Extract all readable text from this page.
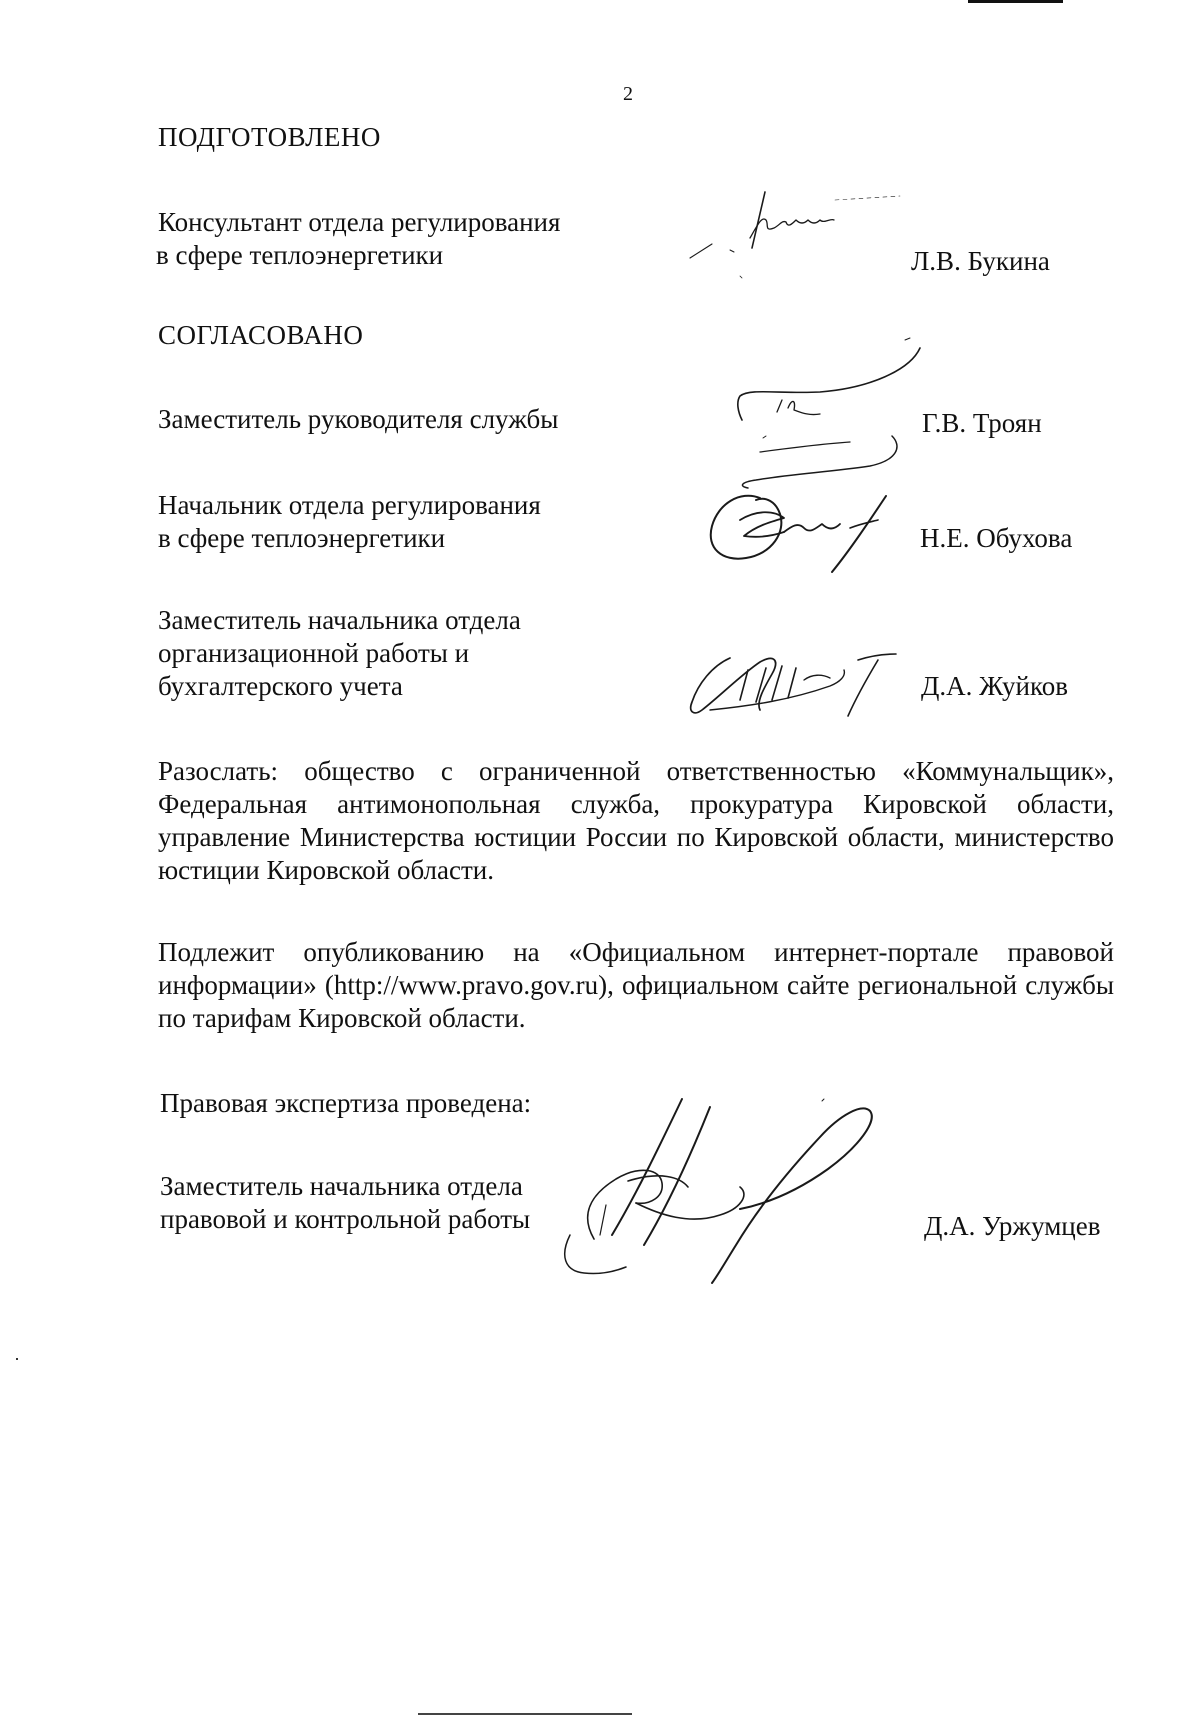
2
ПОДГОТОВЛЕНО
Консультант отдела регулирования
в сфере теплоэнергетики	Л.В. Букина
СОГЛАСОВАНО
Заместитель руководителя службы	Г.В. Троян
Начальник отдела регулирования
в сфере теплоэнергетики	Н.Е. Обухова
Заместитель начальника отдела
организационной работы и
бухгалтерского учета	Д.А. Жуйков
Разослать: общество с ограниченной ответственностью «Коммунальщик», Федеральная антимонопольная служба, прокуратура Кировской области, управление Министерства юстиции России по Кировской области, министерство юстиции Кировской области.
Подлежит опубликованию на «Официальном интернет-портале правовой информации» (http://www.pravo.gov.ru), официальном сайте региональной службы по тарифам Кировской области.
Правовая экспертиза проведена:
Заместитель начальника отдела
правовой и контрольной работы	Д.А. Уржумцев
